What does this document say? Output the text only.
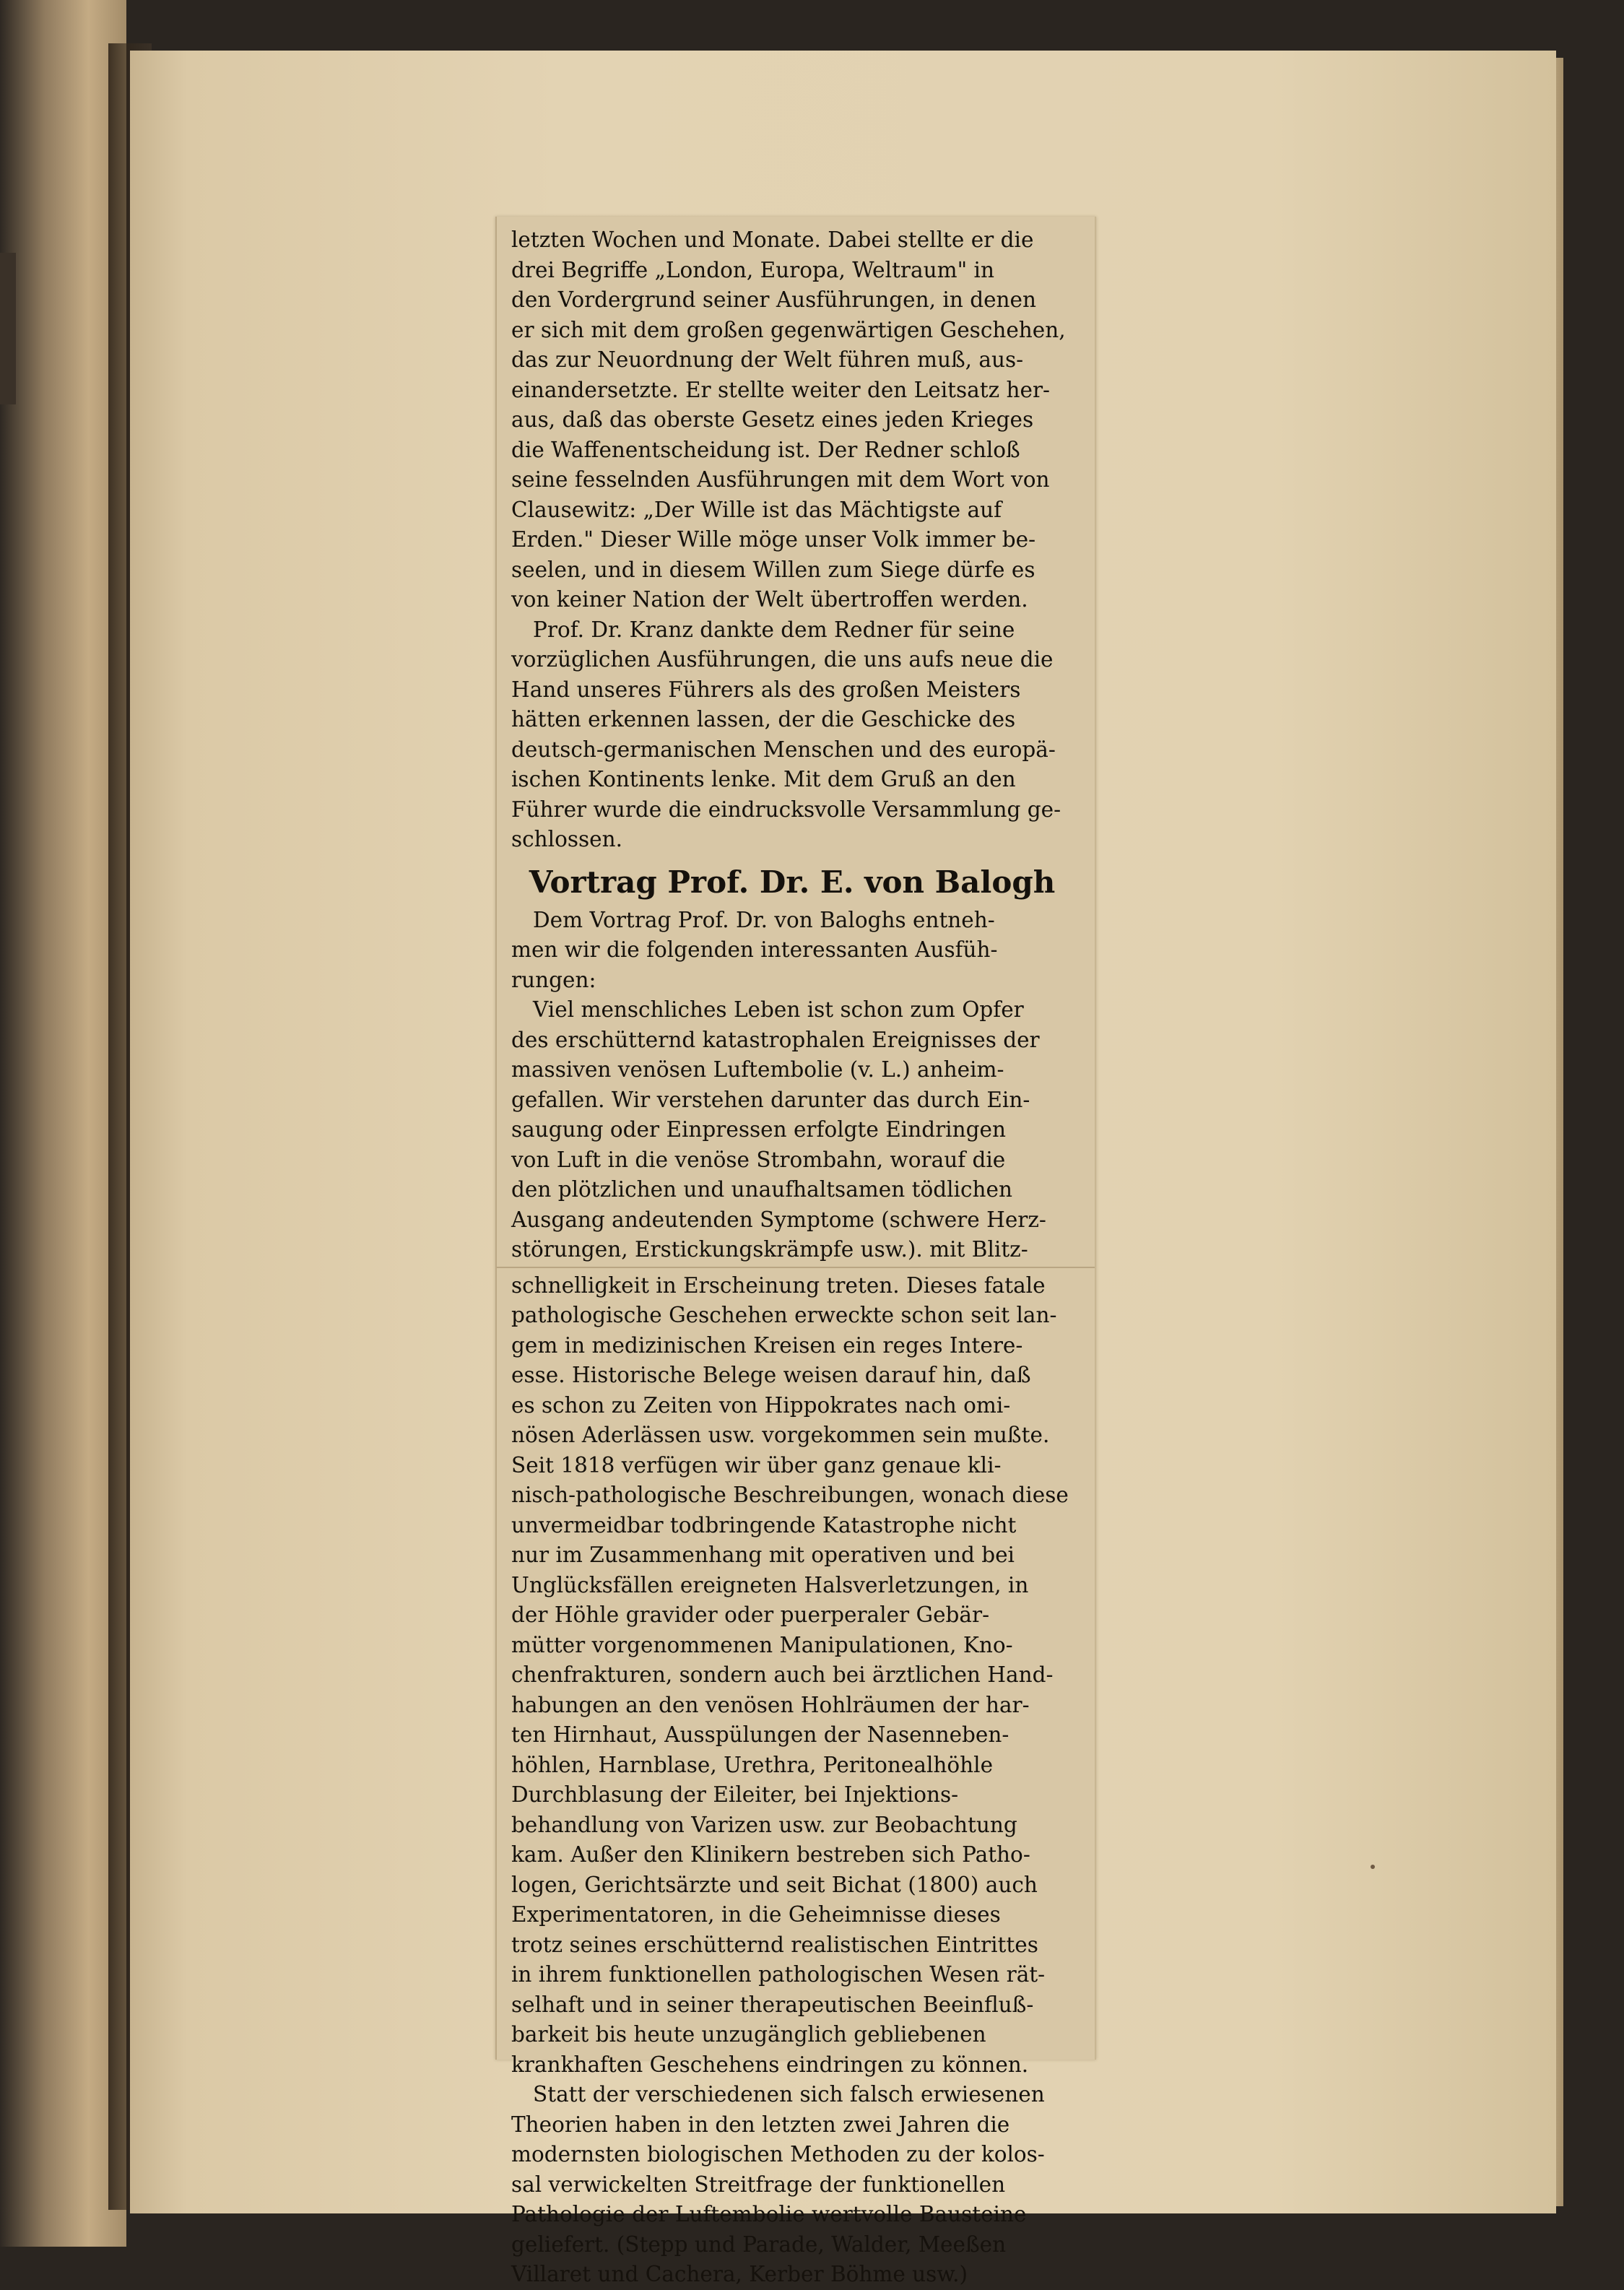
letzten Wochen und Monate. Dabei stellte er die
drei Begriffe „London, Europa, Weltraum" in
den Vordergrund seiner Ausführungen, in denen
er sich mit dem großen gegenwärtigen Geschehen,
das zur Neuordnung der Welt führen muß, aus-
einandersetzte. Er stellte weiter den Leitsatz her-
aus, daß das oberste Gesetz eines jeden Krieges
die Waffenentscheidung ist. Der Redner schloß
seine fesselnden Ausführungen mit dem Wort von
Clausewitz: „Der Wille ist das Mächtigste auf
Erden." Dieser Wille möge unser Volk immer be-
seelen, und in diesem Willen zum Siege dürfe es
von keiner Nation der Welt übertroffen werden.

Prof. Dr. Kranz dankte dem Redner für seine
vorzüglichen Ausführungen, die uns aufs neue die
Hand unseres Führers als des großen Meisters
hätten erkennen lassen, der die Geschicke des
deutsch-germanischen Menschen und des europä-
ischen Kontinents lenke. Mit dem Gruß an den
Führer wurde die eindrucksvolle Versammlung ge-
schlossen.

Vortrag Prof. Dr. E. von Balogh

Dem Vortrag Prof. Dr. von Baloghs entneh-
men wir die folgenden interessanten Ausfüh-
rungen:

Viel menschliches Leben ist schon zum Opfer
des erschütternd katastrophalen Ereignisses der
massiven venösen Luftembolie (v. L.) anheim-
gefallen. Wir verstehen darunter das durch Ein-
saugung oder Einpressen erfolgte Eindringen
von Luft in die venöse Strombahn, worauf die
den plötzlichen und unaufhaltsamen tödlichen
Ausgang andeutenden Symptome (schwere Herz-
störungen, Erstickungskrämpfe usw.). mit Blitz-

schnelligkeit in Erscheinung treten. Dieses fatale
pathologische Geschehen erweckte schon seit lan-
gem in medizinischen Kreisen ein reges Intere-
esse. Historische Belege weisen darauf hin, daß
es schon zu Zeiten von Hippokrates nach omi-
nösen Aderlässen usw. vorgekommen sein mußte.
Seit 1818 verfügen wir über ganz genaue kli-
nisch-pathologische Beschreibungen, wonach diese
unvermeidbar todbringende Katastrophe nicht
nur im Zusammenhang mit operativen und bei
Unglücksfällen ereigneten Halsverletzungen, in
der Höhle gravider oder puerperaler Gebär-
mütter vorgenommenen Manipulationen, Kno-
chenfrakturen, sondern auch bei ärztlichen Hand-
habungen an den venösen Hohlräumen der har-
ten Hirnhaut, Ausspülungen der Nasenneben-
höhlen, Harnblase, Urethra, Peritonealhöhle
Durchblasung der Eileiter, bei Injektions-
behandlung von Varizen usw. zur Beobachtung
kam. Außer den Klinikern bestreben sich Patho-
logen, Gerichtsärzte und seit Bichat (1800) auch
Experimentatoren, in die Geheimnisse dieses
trotz seines erschütternd realistischen Eintrittes
in ihrem funktionellen pathologischen Wesen rät-
selhaft und in seiner therapeutischen Beeinfluß-
barkeit bis heute unzugänglich gebliebenen
krankhaften Geschehens eindringen zu können.

Statt der verschiedenen sich falsch erwiesenen
Theorien haben in den letzten zwei Jahren die
modernsten biologischen Methoden zu der kolos-
sal verwickelten Streitfrage der funktionellen
Pathologie der Luftembolie wertvolle Bausteine
geliefert. (Stepp und Parade, Walder, Meeßen
Villaret und Cachera, Kerber Böhme usw.)
